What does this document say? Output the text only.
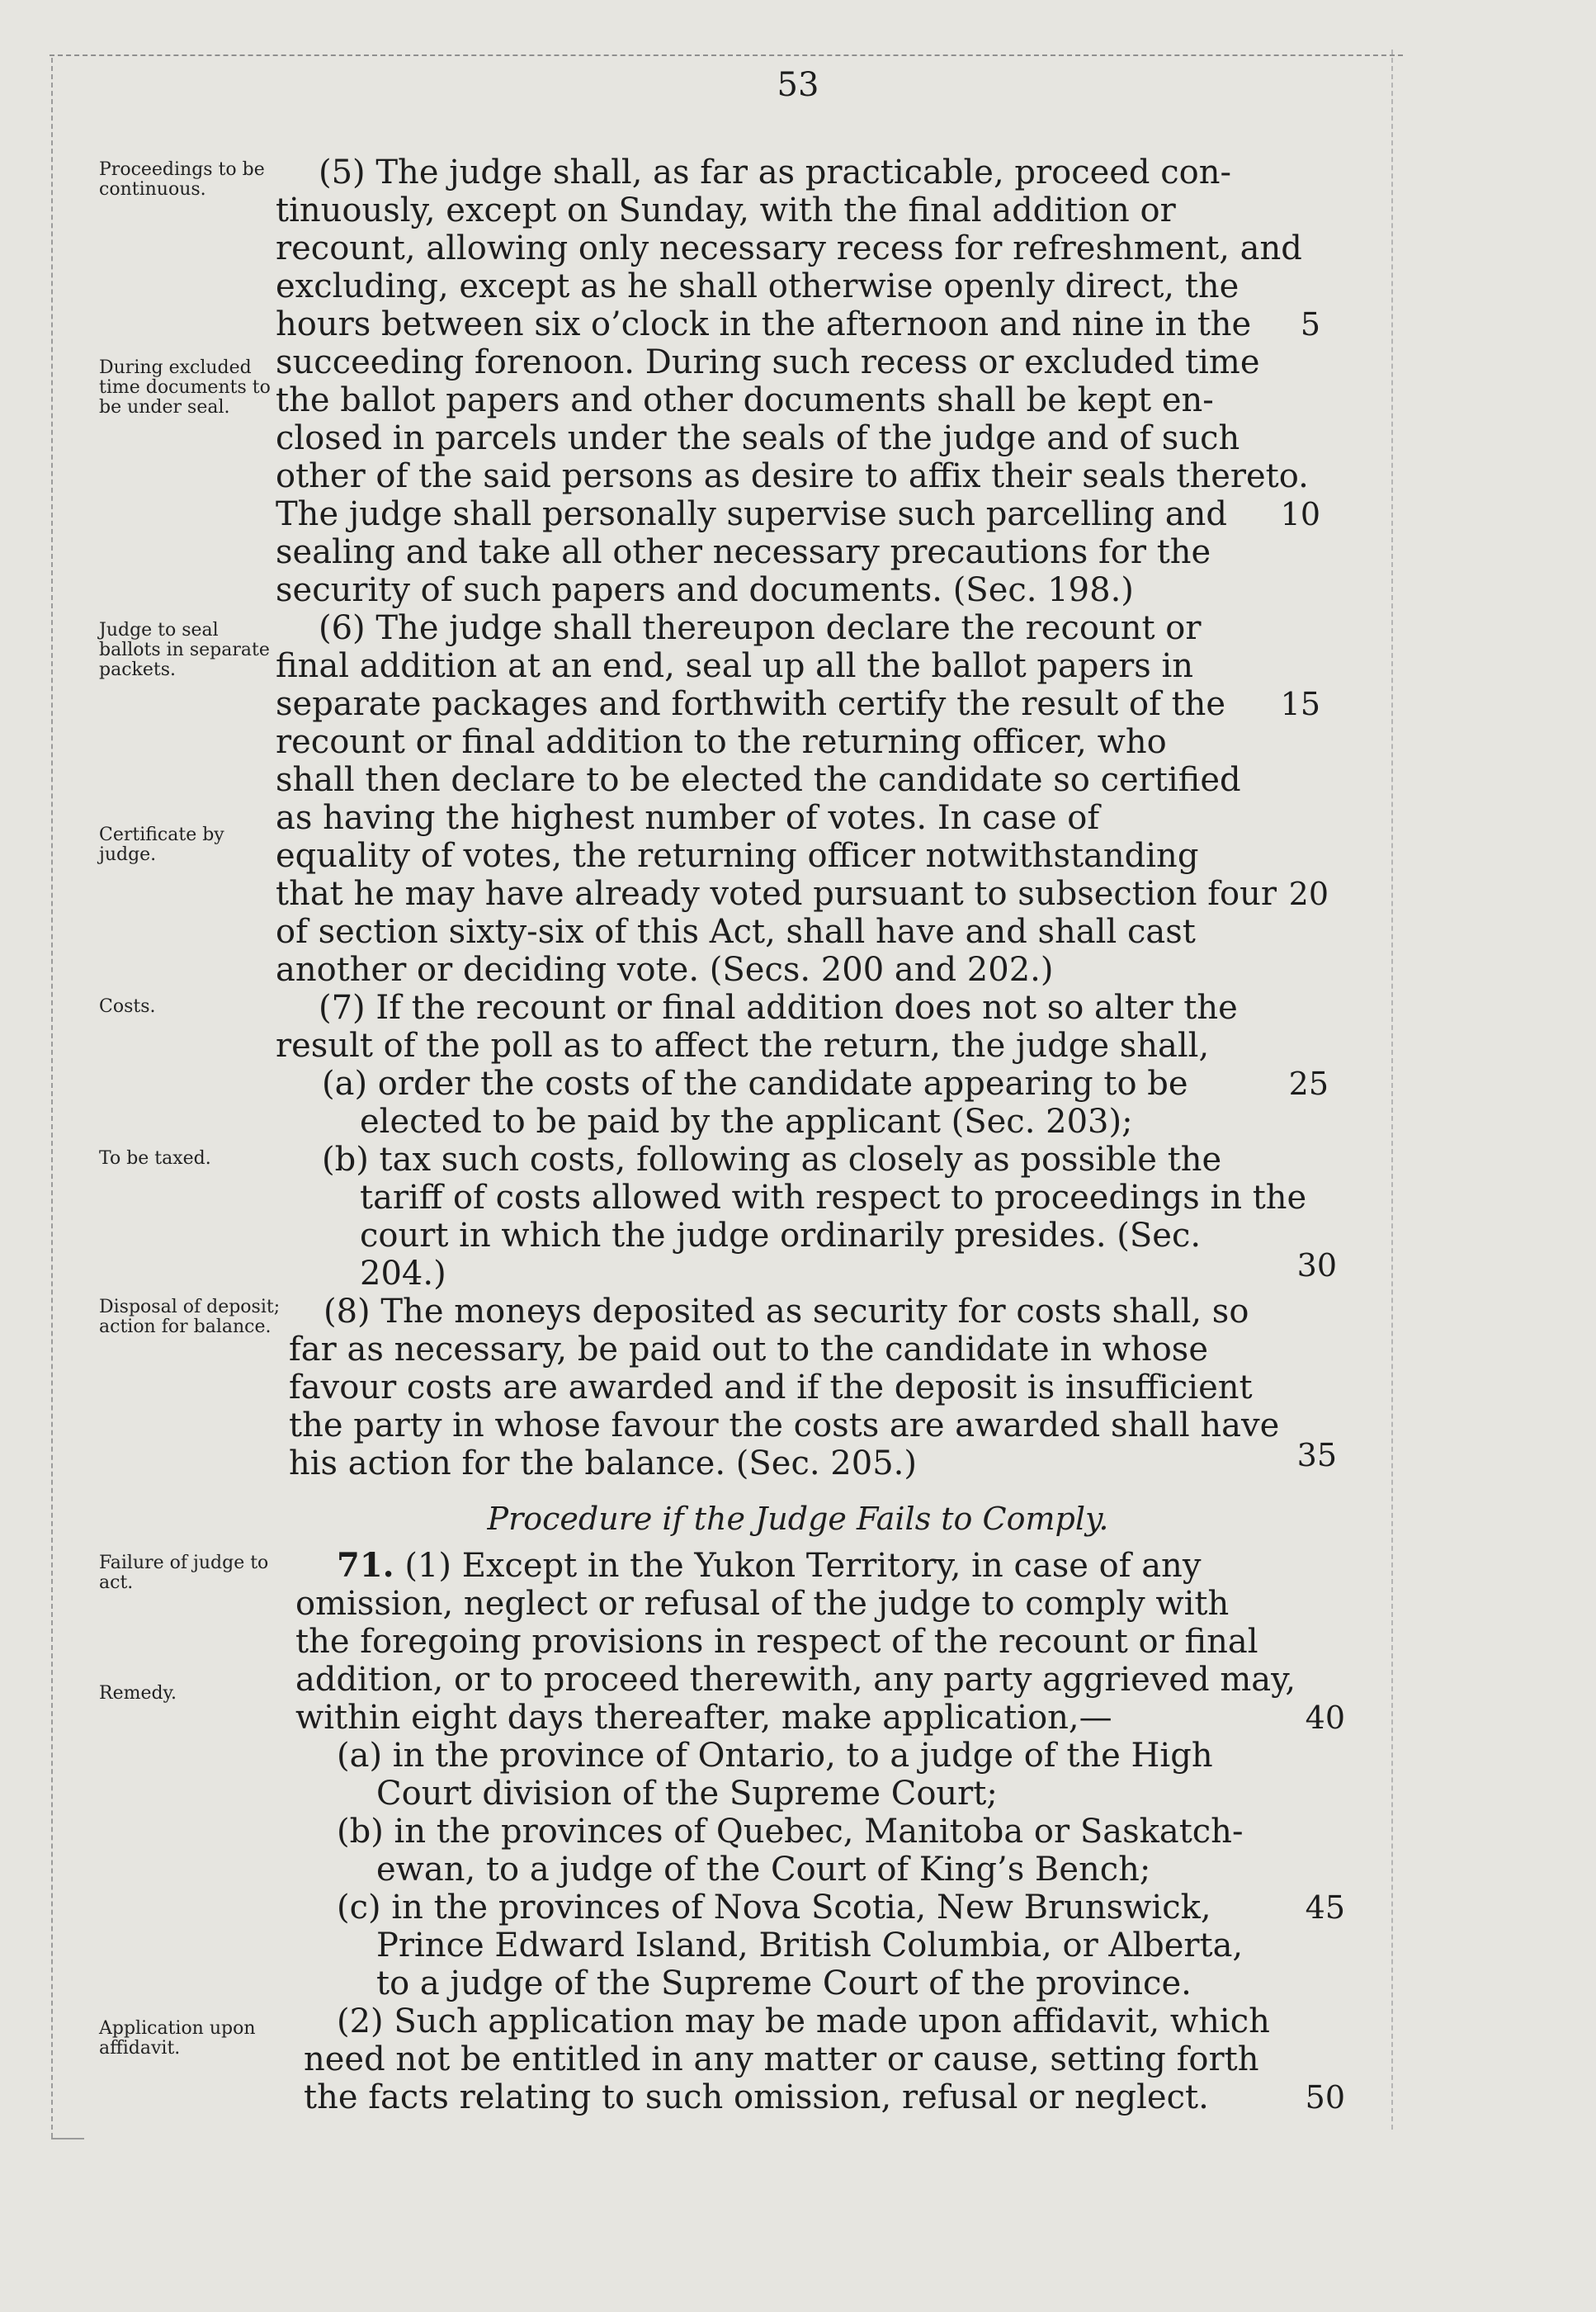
53
Proceedings to be continuous.
During excluded time documents to be under seal.
Judge to seal ballots in separate packets.
Certificate by judge.
Costs.
To be taxed.
Disposal of deposit; action for balance.
Failure of judge to act.
Remedy.
Application upon affidavit.
(5) The judge shall, as far as practicable, proceed con-
tinuously, except on Sunday, with the final addition or
recount, allowing only necessary recess for refreshment, and
excluding, except as he shall otherwise openly direct, the
hours between six o’clock in the afternoon and nine in the
succeeding forenoon. During such recess or excluded time
the ballot papers and other documents shall be kept en-
closed in parcels under the seals of the judge and of such
other of the said persons as desire to affix their seals thereto.
The judge shall personally supervise such parcelling and
sealing and take all other necessary precautions for the
security of such papers and documents. (Sec. 198.)
(6) The judge shall thereupon declare the recount or
final addition at an end, seal up all the ballot papers in
separate packages and forthwith certify the result of the
recount or final addition to the returning officer, who
shall then declare to be elected the candidate so certified
as having the highest number of votes. In case of
equality of votes, the returning officer notwithstanding
that he may have already voted pursuant to subsection four
of section sixty-six of this Act, shall have and shall cast
another or deciding vote. (Secs. 200 and 202.)
(7) If the recount or final addition does not so alter the
result of the poll as to affect the return, the judge shall,
(a) order the costs of the candidate appearing to be
elected to be paid by the applicant (Sec. 203);
(b) tax such costs, following as closely as possible the
tariff of costs allowed with respect to proceedings in the
court in which the judge ordinarily presides. (Sec.
204.)
(8) The moneys deposited as security for costs shall, so
far as necessary, be paid out to the candidate in whose
favour costs are awarded and if the deposit is insufficient
the party in whose favour the costs are awarded shall have
his action for the balance. (Sec. 205.)
Procedure if the Judge Fails to Comply.
71. (1) Except in the Yukon Territory, in case of any
omission, neglect or refusal of the judge to comply with
the foregoing provisions in respect of the recount or final
addition, or to proceed therewith, any party aggrieved may,
within eight days thereafter, make application,—
(a) in the province of Ontario, to a judge of the High
Court division of the Supreme Court;
(b) in the provinces of Quebec, Manitoba or Saskatch-
ewan, to a judge of the Court of King’s Bench;
(c) in the provinces of Nova Scotia, New Brunswick,
Prince Edward Island, British Columbia, or Alberta,
to a judge of the Supreme Court of the province.
(2) Such application may be made upon affidavit, which
need not be entitled in any matter or cause, setting forth
the facts relating to such omission, refusal or neglect.
5
10
15
20
25
30
35
40
45
50
